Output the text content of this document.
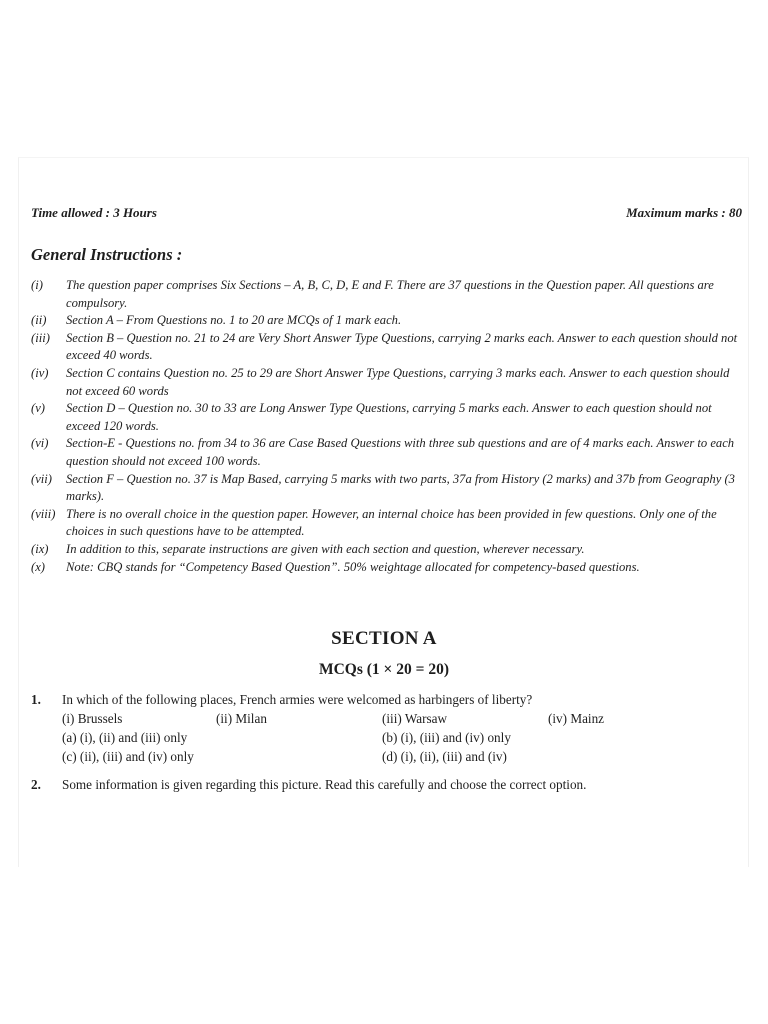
Time allowed : 3 Hours	Maximum marks : 80
General Instructions :
(i)	The question paper comprises Six Sections – A, B, C, D, E and F. There are 37 questions in the Question paper. All questions are compulsory.
(ii)	Section A – From Questions no. 1 to 20 are MCQs of 1 mark each.
(iii)	Section B – Question no. 21 to 24 are Very Short Answer Type Questions, carrying 2 marks each. Answer to each question should not exceed 40 words.
(iv)	Section C contains Question no. 25 to 29 are Short Answer Type Questions, carrying 3 marks each. Answer to each question should not exceed 60 words
(v)	Section D – Question no. 30 to 33 are Long Answer Type Questions, carrying 5 marks each. Answer to each question should not exceed 120 words.
(vi)	Section-E - Questions no. from 34 to 36 are Case Based Questions with three sub questions and are of 4 marks each. Answer to each question should not exceed 100 words.
(vii)	Section F – Question no. 37 is Map Based, carrying 5 marks with two parts, 37a from History (2 marks) and 37b from Geography (3 marks).
(viii) There is no overall choice in the question paper. However, an internal choice has been provided in few questions. Only one of the choices in such questions have to be attempted.
(ix)	In addition to this, separate instructions are given with each section and question, wherever necessary.
(x)	Note: CBQ stands for “Competency Based Question”. 50% weightage allocated for competency-based questions.
SECTION A
MCQs (1 × 20 = 20)
1.	In which of the following places, French armies were welcomed as harbingers of liberty?
(i) Brussels	(ii) Milan	(iii) Warsaw	(iv) Mainz
(a) (i), (ii) and (iii) only	(b) (i), (iii) and (iv) only
(c) (ii), (iii) and (iv) only	(d) (i), (ii), (iii) and (iv)
2.	Some information is given regarding this picture. Read this carefully and choose the correct option.
